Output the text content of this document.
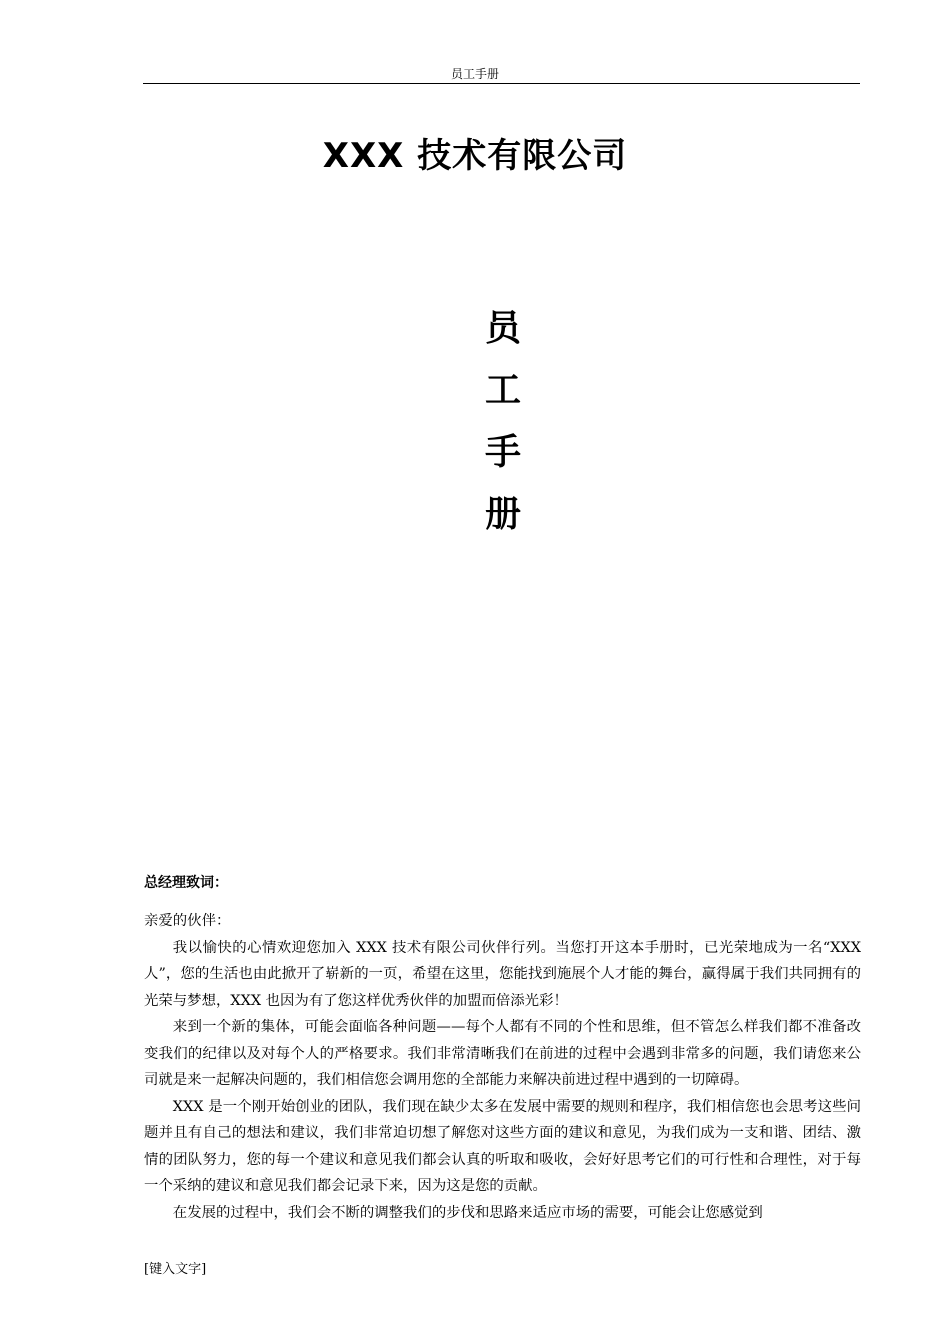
员工手册
XXX 技术有限公司
员
工
手
册
总经理致词：

亲爱的伙伴：

我以愉快的心情欢迎您加入 XXX 技术有限公司伙伴行列。当您打开这本手册时，已光荣地成为一名“XXX 人”，您的生活也由此掀开了崭新的一页，希望在这里，您能找到施展个人才能的舞台，赢得属于我们共同拥有的光荣与梦想，XXX 也因为有了您这样优秀伙伴的加盟而倍添光彩！

来到一个新的集体，可能会面临各种问题——每个人都有不同的个性和思维，但不管怎么样我们都不准备改变我们的纪律以及对每个人的严格要求。我们非常清晰我们在前进的过程中会遇到非常多的问题，我们请您来公司就是来一起解决问题的，我们相信您会调用您的全部能力来解决前进过程中遇到的一切障碍。

XXX 是一个刚开始创业的团队，我们现在缺少太多在发展中需要的规则和程序，我们相信您也会思考这些问题并且有自己的想法和建议，我们非常迫切想了解您对这些方面的建议和意见，为我们成为一支和谐、团结、激情的团队努力，您的每一个建议和意见我们都会认真的听取和吸收，会好好思考它们的可行性和合理性，对于每一个采纳的建议和意见我们都会记录下来，因为这是您的贡献。

在发展的过程中，我们会不断的调整我们的步伐和思路来适应市场的需要，可能会让您感觉到

[键入文字]
